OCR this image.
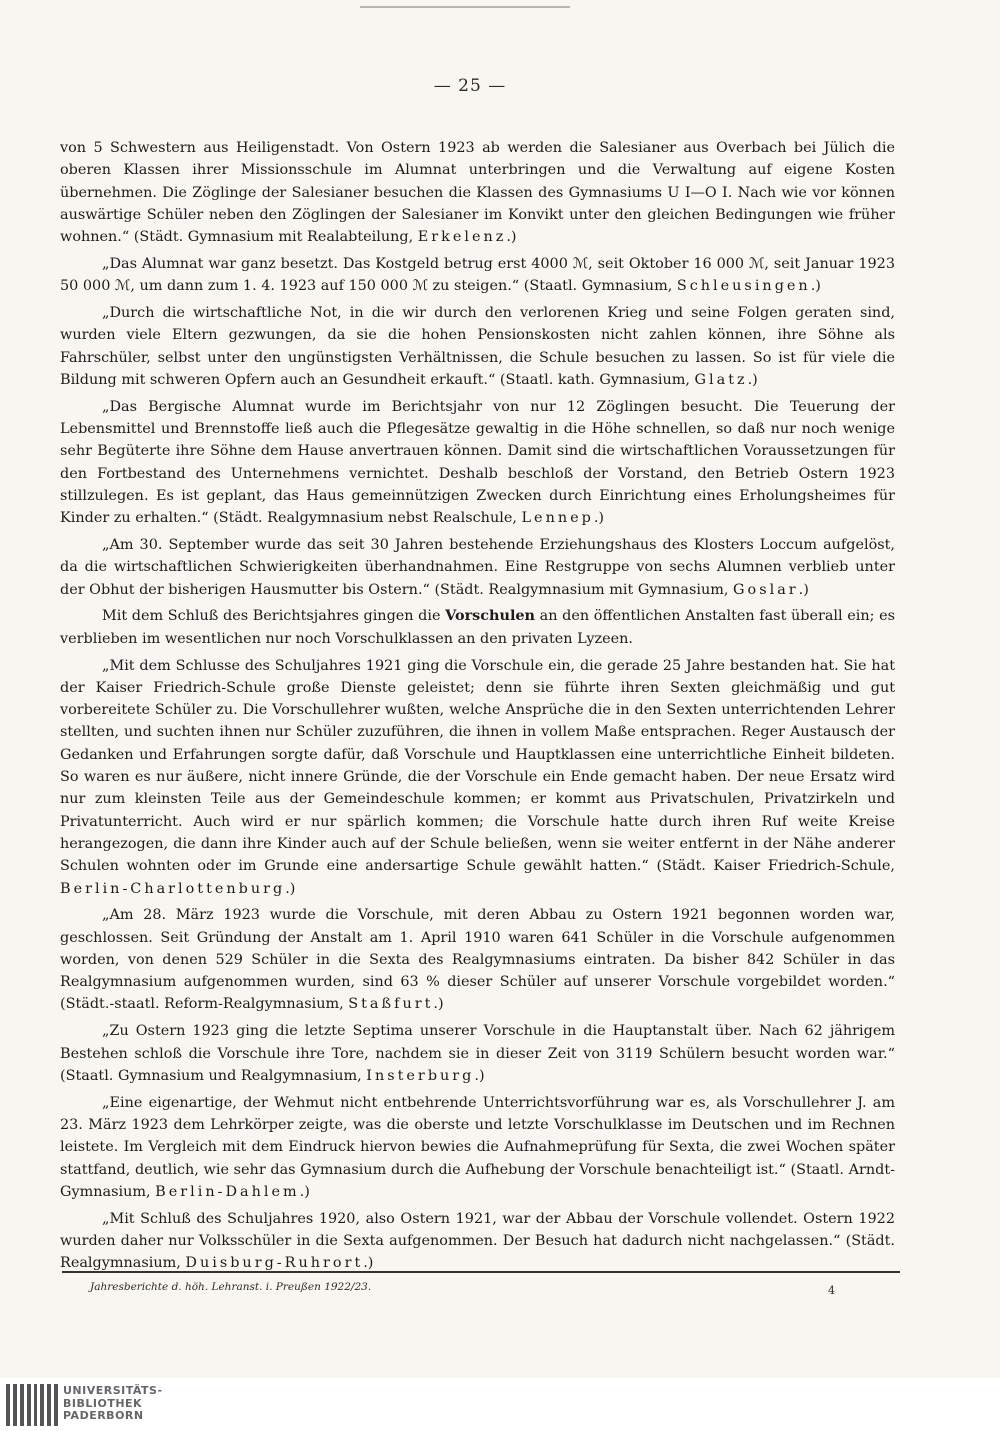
— 25 —

von 5 Schwestern aus Heiligenstadt. Von Ostern 1923 ab werden die Salesianer aus Overbach bei Jülich die oberen Klassen ihrer Missionsschule im Alumnat unterbringen und die Verwaltung auf eigene Kosten übernehmen. Die Zöglinge der Salesianer besuchen die Klassen des Gymnasiums U I—O I. Nach wie vor können auswärtige Schüler neben den Zöglingen der Salesianer im Konvikt unter den gleichen Bedingungen wie früher wohnen.“ (Städt. Gymnasium mit Realabteilung, Erkelenz.)

„Das Alumnat war ganz besetzt. Das Kostgeld betrug erst 4000 ℳ, seit Oktober 16 000 ℳ, seit Januar 1923 50 000 ℳ, um dann zum 1. 4. 1923 auf 150 000 ℳ zu steigen.“ (Staatl. Gymnasium, Schleusingen.)

„Durch die wirtschaftliche Not, in die wir durch den verlorenen Krieg und seine Folgen geraten sind, wurden viele Eltern gezwungen, da sie die hohen Pensionskosten nicht zahlen können, ihre Söhne als Fahrschüler, selbst unter den ungünstigsten Verhältnissen, die Schule besuchen zu lassen. So ist für viele die Bildung mit schweren Opfern auch an Gesundheit erkauft.“ (Staatl. kath. Gymnasium, Glatz.)

„Das Bergische Alumnat wurde im Berichtsjahr von nur 12 Zöglingen besucht. Die Teuerung der Lebensmittel und Brennstoffe ließ auch die Pflegesätze gewaltig in die Höhe schnellen, so daß nur noch wenige sehr Begüterte ihre Söhne dem Hause anvertrauen können. Damit sind die wirtschaftlichen Voraussetzungen für den Fortbestand des Unternehmens vernichtet. Deshalb beschloß der Vorstand, den Betrieb Ostern 1923 stillzulegen. Es ist geplant, das Haus gemeinnützigen Zwecken durch Einrichtung eines Erholungsheimes für Kinder zu erhalten.“ (Städt. Realgymnasium nebst Realschule, Lennep.)

„Am 30. September wurde das seit 30 Jahren bestehende Erziehungshaus des Klosters Loccum aufgelöst, da die wirtschaftlichen Schwierigkeiten überhandnahmen. Eine Restgruppe von sechs Alumnen verblieb unter der Obhut der bisherigen Hausmutter bis Ostern.“ (Städt. Realgymnasium mit Gymnasium, Goslar.)

Mit dem Schluß des Berichtsjahres gingen die Vorschulen an den öffentlichen Anstalten fast überall ein; es verblieben im wesentlichen nur noch Vorschulklassen an den privaten Lyzeen.

„Mit dem Schlusse des Schuljahres 1921 ging die Vorschule ein, die gerade 25 Jahre bestanden hat. Sie hat der Kaiser Friedrich-Schule große Dienste geleistet; denn sie führte ihren Sexten gleichmäßig und gut vorbereitete Schüler zu. Die Vorschullehrer wußten, welche Ansprüche die in den Sexten unterrichtenden Lehrer stellten, und suchten ihnen nur Schüler zuzuführen, die ihnen in vollem Maße entsprachen. Reger Austausch der Gedanken und Erfahrungen sorgte dafür, daß Vorschule und Hauptklassen eine unterrichtliche Einheit bildeten. So waren es nur äußere, nicht innere Gründe, die der Vorschule ein Ende gemacht haben. Der neue Ersatz wird nur zum kleinsten Teile aus der Gemeindeschule kommen; er kommt aus Privatschulen, Privatzirkeln und Privatunterricht. Auch wird er nur spärlich kommen; die Vorschule hatte durch ihren Ruf weite Kreise herangezogen, die dann ihre Kinder auch auf der Schule beließen, wenn sie weiter entfernt in der Nähe anderer Schulen wohnten oder im Grunde eine andersartige Schule gewählt hatten.“ (Städt. Kaiser Friedrich-Schule, Berlin-Charlottenburg.)

„Am 28. März 1923 wurde die Vorschule, mit deren Abbau zu Ostern 1921 begonnen worden war, geschlossen. Seit Gründung der Anstalt am 1. April 1910 waren 641 Schüler in die Vorschule aufgenommen worden, von denen 529 Schüler in die Sexta des Realgymnasiums eintraten. Da bisher 842 Schüler in das Realgymnasium aufgenommen wurden, sind 63 % dieser Schüler auf unserer Vorschule vorgebildet worden.“ (Städt.-staatl. Reform-Realgymnasium, Staßfurt.)

„Zu Ostern 1923 ging die letzte Septima unserer Vorschule in die Hauptanstalt über. Nach 62 jährigem Bestehen schloß die Vorschule ihre Tore, nachdem sie in dieser Zeit von 3119 Schülern besucht worden war.“ (Staatl. Gymnasium und Realgymnasium, Insterburg.)

„Eine eigenartige, der Wehmut nicht entbehrende Unterrichtsvorführung war es, als Vorschullehrer J. am 23. März 1923 dem Lehrkörper zeigte, was die oberste und letzte Vorschulklasse im Deutschen und im Rechnen leistete. Im Vergleich mit dem Eindruck hiervon bewies die Aufnahmeprüfung für Sexta, die zwei Wochen später stattfand, deutlich, wie sehr das Gymnasium durch die Aufhebung der Vorschule benachteiligt ist.“ (Staatl. Arndt-Gymnasium, Berlin-Dahlem.)

„Mit Schluß des Schuljahres 1920, also Ostern 1921, war der Abbau der Vorschule vollendet. Ostern 1922 wurden daher nur Volksschüler in die Sexta aufgenommen. Der Besuch hat dadurch nicht nachgelassen.“ (Städt. Realgymnasium, Duisburg-Ruhrort.)

Jahresberichte d. höh. Lehranst. i. Preußen 1922/23.	4
UNIVERSITÄTS-
BIBLIOTHEK
PADERBORN
